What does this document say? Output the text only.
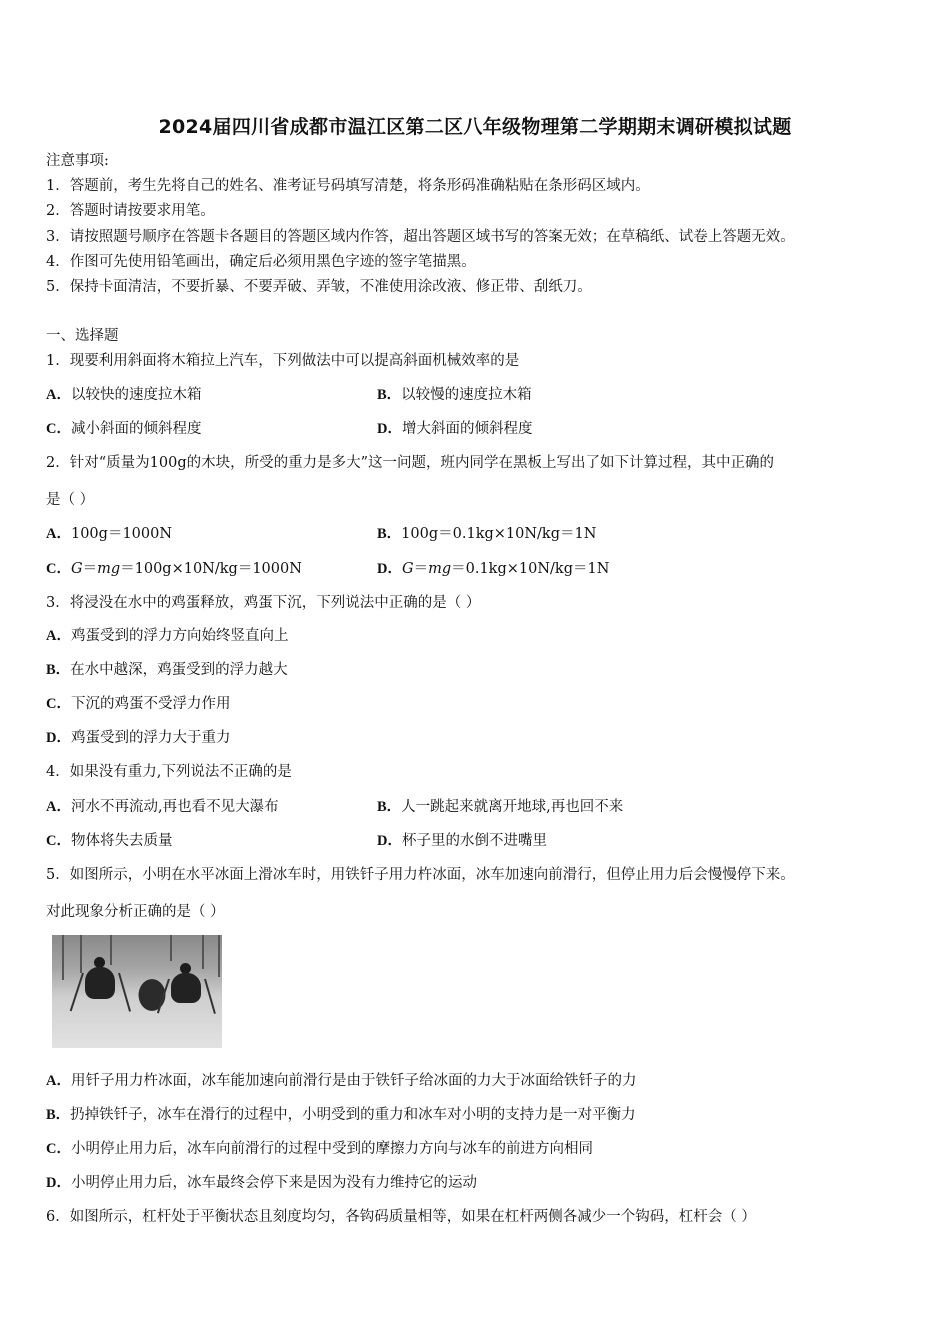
2024届四川省成都市温江区第二区八年级物理第二学期期末调研模拟试题
注意事项:
1．答题前，考生先将自己的姓名、准考证号码填写清楚，将条形码准确粘贴在条形码区域内。
2．答题时请按要求用笔。
3．请按照题号顺序在答题卡各题目的答题区域内作答，超出答题区域书写的答案无效；在草稿纸、试卷上答题无效。
4．作图可先使用铅笔画出，确定后必须用黑色字迹的签字笔描黑。
5．保持卡面清洁，不要折暴、不要弄破、弄皱，不准使用涂改液、修正带、刮纸刀。
一、选择题
1．现要利用斜面将木箱拉上汽车，下列做法中可以提高斜面机械效率的是
A．以较快的速度拉木箱	B．以较慢的速度拉木箱
C．减小斜面的倾斜程度	D．增大斜面的倾斜程度
2．针对“质量为100g的木块，所受的重力是多大”这一问题，班内同学在黑板上写出了如下计算过程，其中正确的
是（ ）
A．100g＝1000N	B．100g＝0.1kg×10N/kg＝1N
C．G＝mg＝100g×10N/kg＝1000N	D．G＝mg＝0.1kg×10N/kg＝1N
3．将浸没在水中的鸡蛋释放，鸡蛋下沉，下列说法中正确的是（ ）
A．鸡蛋受到的浮力方向始终竖直向上
B．在水中越深，鸡蛋受到的浮力越大
C．下沉的鸡蛋不受浮力作用
D．鸡蛋受到的浮力大于重力
4．如果没有重力,下列说法不正确的是
A．河水不再流动,再也看不见大瀑布	B．人一跳起来就离开地球,再也回不来
C．物体将失去质量	D．杯子里的水倒不进嘴里
5．如图所示，小明在水平冰面上滑冰车时，用铁钎子用力杵冰面，冰车加速向前滑行，但停止用力后会慢慢停下来。
对此现象分析正确的是（ ）
A．用钎子用力杵冰面，冰车能加速向前滑行是由于铁钎子给冰面的力大于冰面给铁钎子的力
B．扔掉铁钎子，冰车在滑行的过程中，小明受到的重力和冰车对小明的支持力是一对平衡力
C．小明停止用力后，冰车向前滑行的过程中受到的摩擦力方向与冰车的前进方向相同
D．小明停止用力后，冰车最终会停下来是因为没有力维持它的运动
6．如图所示，杠杆处于平衡状态且刻度均匀，各钩码质量相等，如果在杠杆两侧各减少一个钩码，杠杆会（ ）
